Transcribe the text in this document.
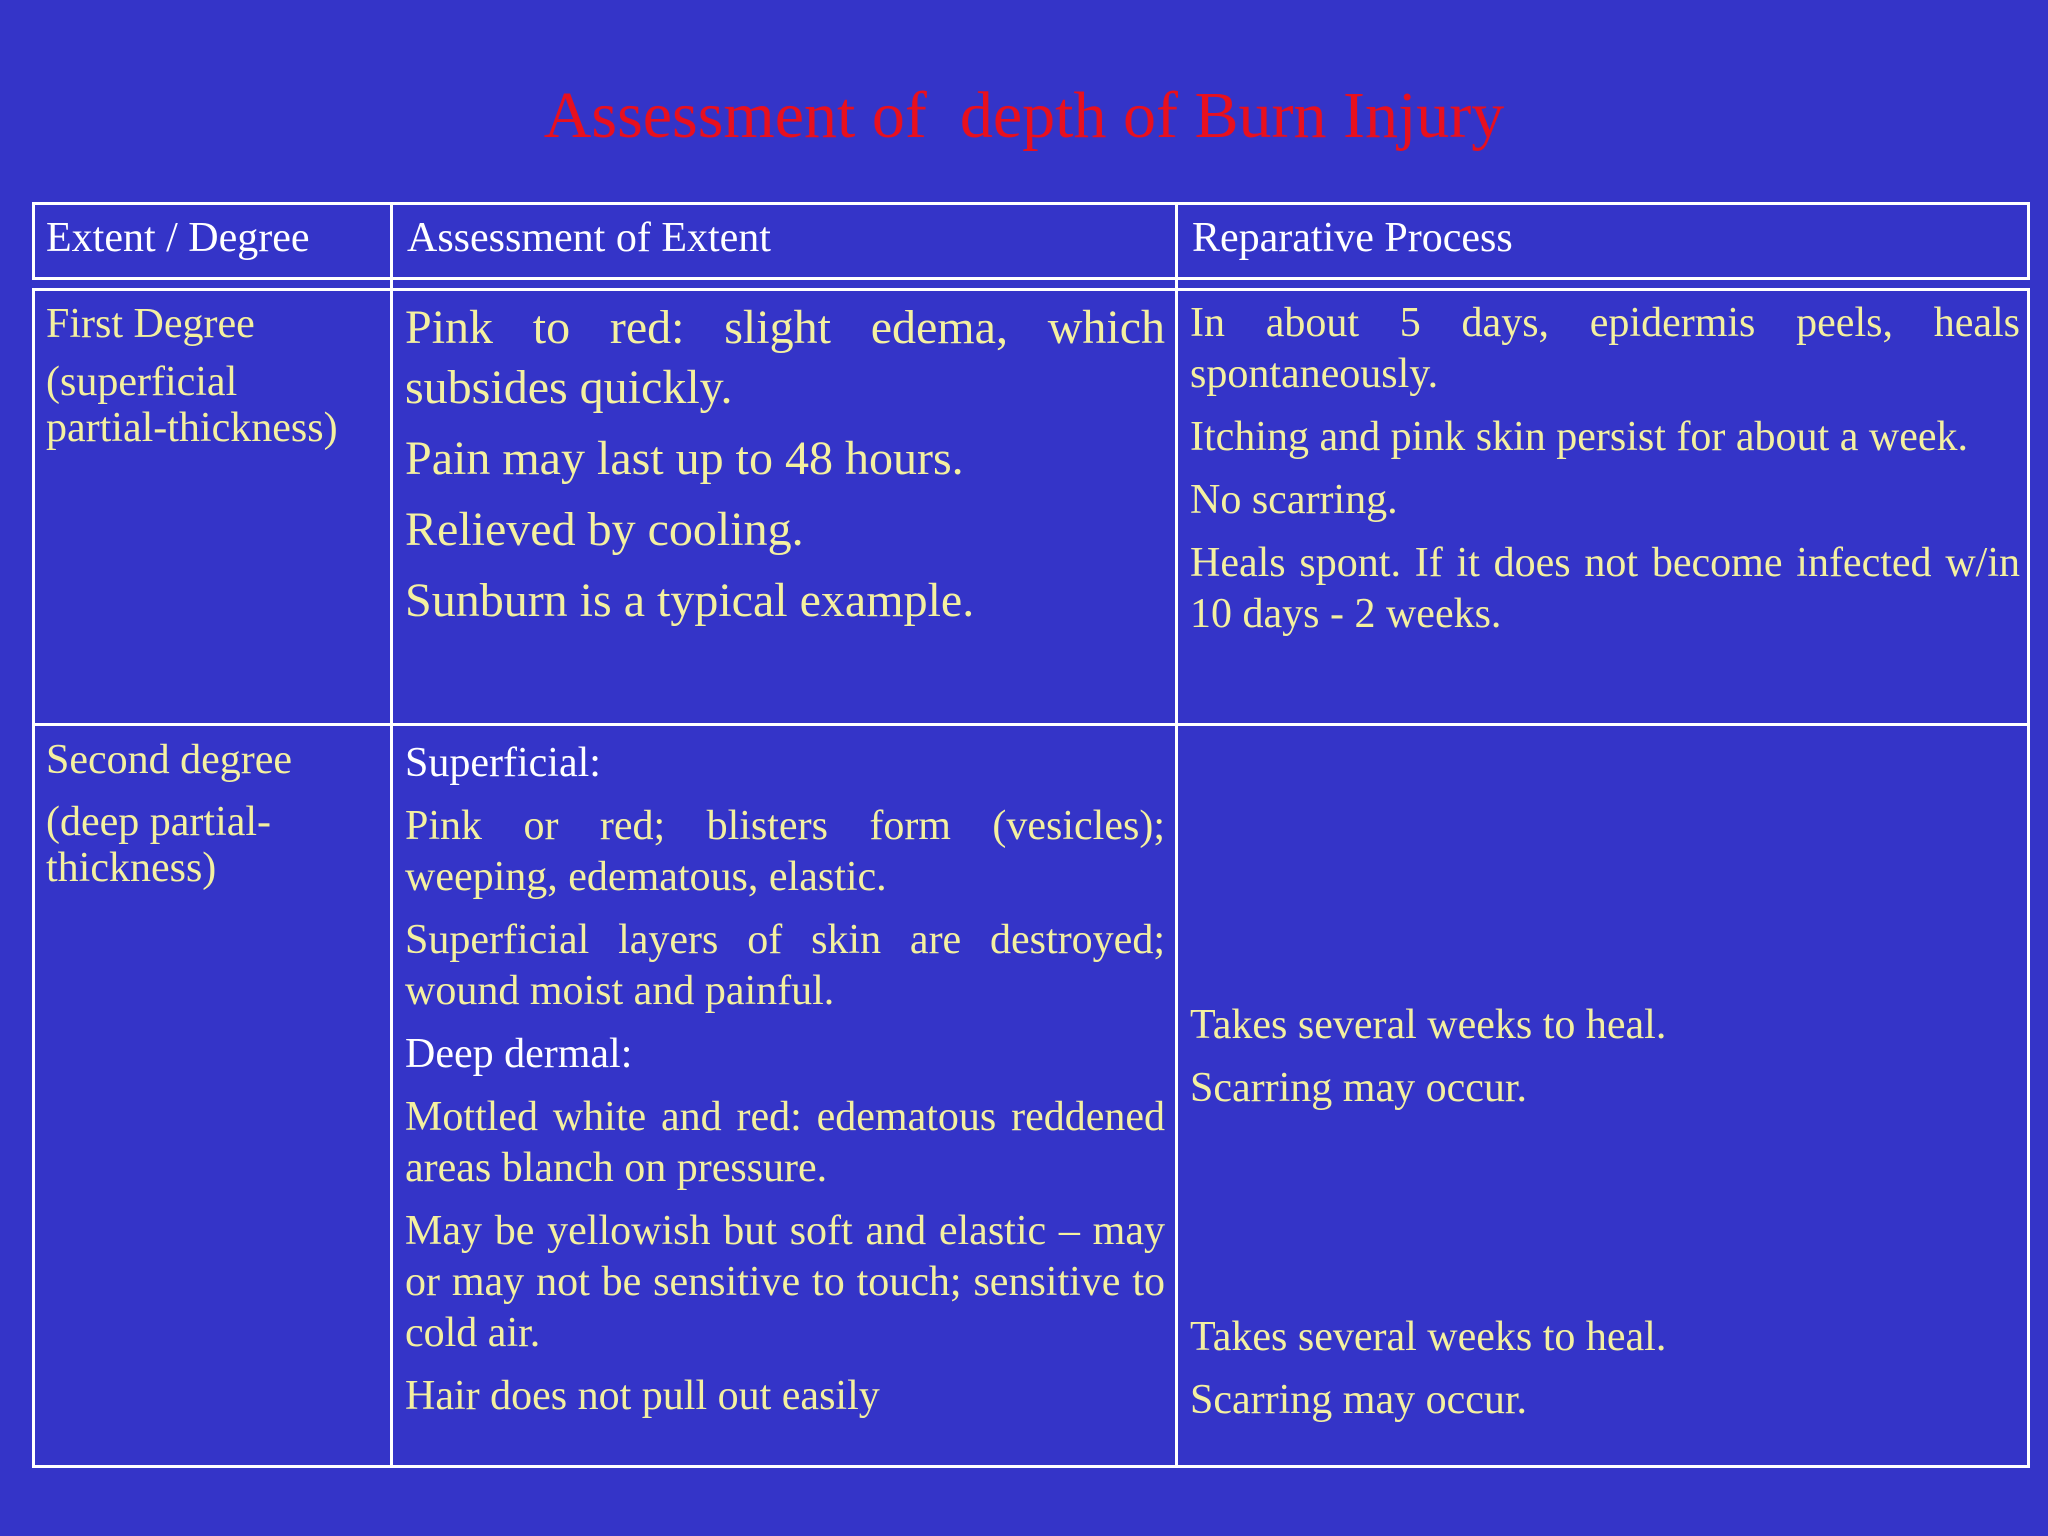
Assessment of  depth of Burn Injury

Extent / Degree	Assessment of Extent	Reparative Process

First Degree

(superficial

partial-thickness)

Pink to red: slight edema, which subsides quickly.

Pain may last up to 48 hours.

Relieved by cooling.

Sunburn is a typical example.

In about 5 days, epidermis peels, heals spontaneously.

Itching and pink skin persist for about a week.

No scarring.

Heals spont. If it does not become infected w/in 10 days - 2 weeks.

Second degree

(deep partial-

thickness)

Superficial:

Pink or red; blisters form (vesicles); weeping, edematous, elastic.

Superficial layers of skin are destroyed; wound moist and painful.

Deep dermal:

Mottled white and red: edematous reddened areas blanch on pressure.

May be yellowish but soft and elastic – may or may not be sensitive to touch; sensitive to cold air.

Hair does not pull out easily

Takes several weeks to heal.

Scarring may occur.

Takes several weeks to heal.

Scarring may occur.
